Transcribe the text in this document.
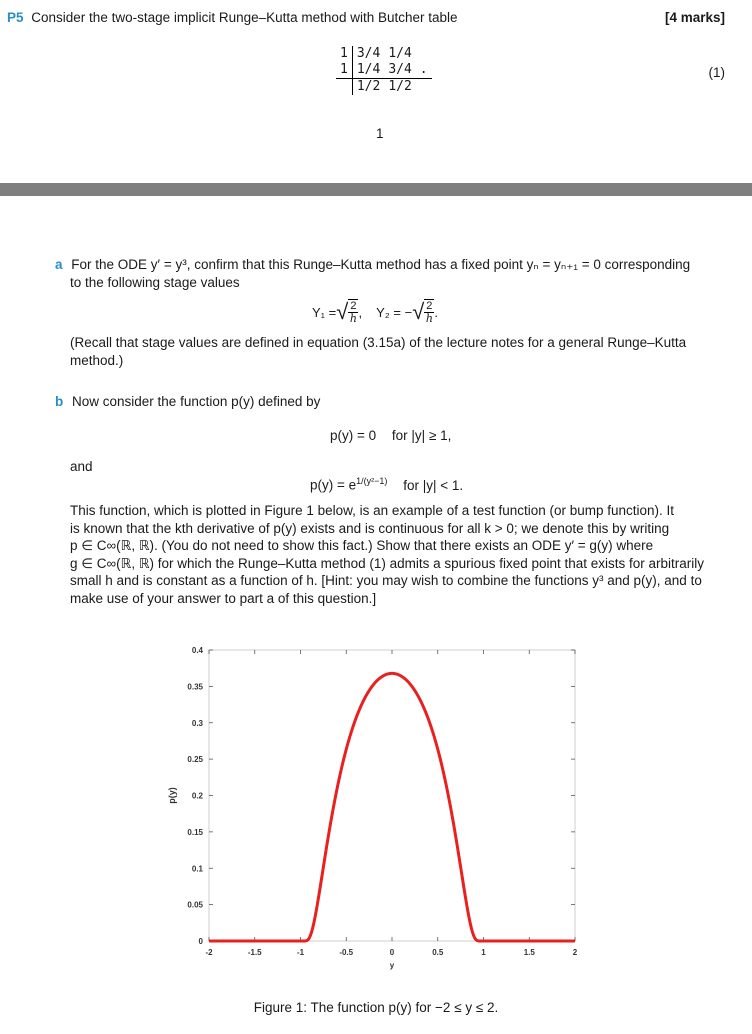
P5 Consider the two-stage implicit Runge–Kutta method with Butcher table	[4 marks]
1	3/4	1/4	
1	1/4	3/4	.
	1/2	1/2	
(1)
1
a For the ODE y′ = y³, confirm that this Runge–Kutta method has a fixed point yₙ = yₙ₊₁ = 0 corresponding
to the following stage values
Y₁ = √ $\frac{2}{h}$ , Y₂ = − √ $\frac{2}{h}$ .
(Recall that stage values are defined in equation (3.15a) of the lecture notes for a general Runge–Kutta
method.)
b Now consider the function p(y) defined by
p(y) = 0 for |y| ≥ 1,
and
$p(y) = e^{1/(y^2-1)}$ for |y| < 1.
This function, which is plotted in Figure 1 below, is an example of a test function (or bump function). It
is known that the kth derivative of p(y) exists and is continuous for all k > 0; we denote this by writing
p ∈ C∞(ℝ, ℝ). (You do not need to show this fact.) Show that there exists an ODE y′ = g(y) where
g ∈ C∞(ℝ, ℝ) for which the Runge–Kutta method (1) admits a spurious fixed point that exists for arbitrarily
small h and is constant as a function of h. [Hint: you may wish to combine the functions y³ and p(y), and to
make use of your answer to part a of this question.]
-2	-1.5	-1	-0.5	0	0.5	1	1.5	2
0
0.05
0.1
0.15
0.2
0.25
0.3
0.35
0.4
y
p(y)
Figure 1: The function p(y) for −2 ≤ y ≤ 2.
